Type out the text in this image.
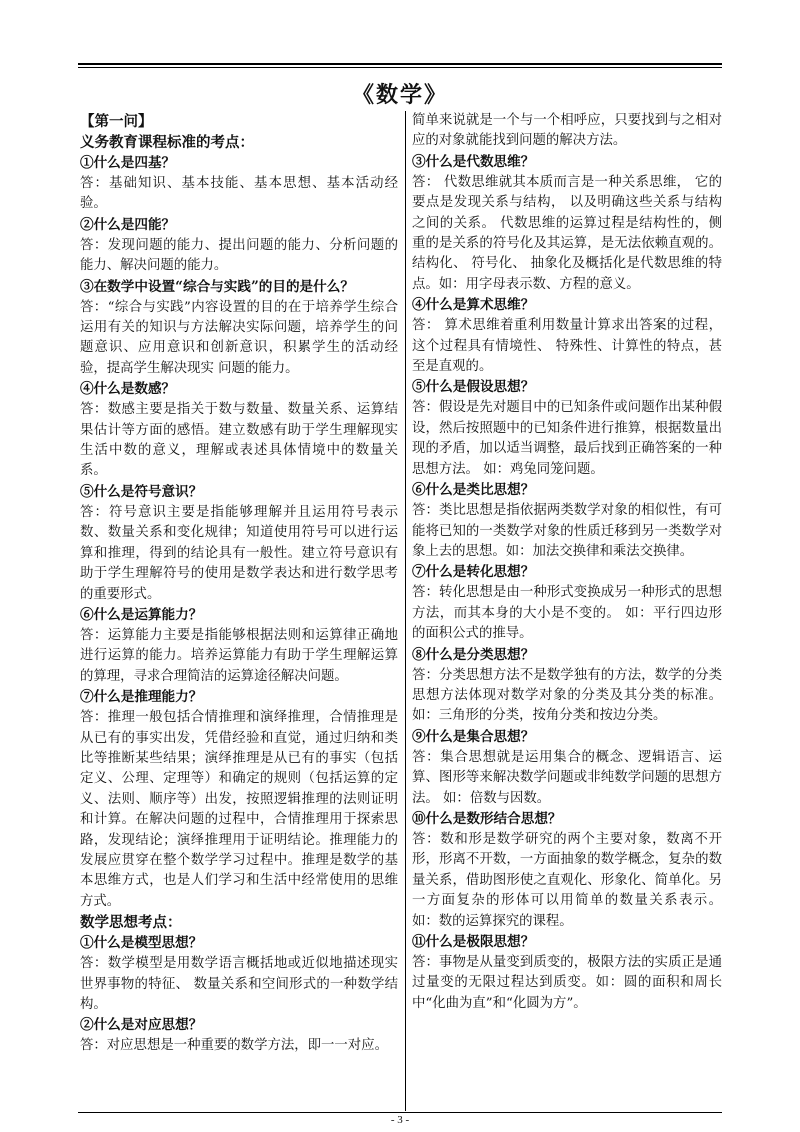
《数学》
【第一问】
义务教育课程标准的考点：
①什么是四基？
答：基础知识、基本技能、基本思想、基本活动经验。
②什么是四能？
答：发现问题的能力、提出问题的能力、分析问题的能力、解决问题的能力。
③在数学中设置“综合与实践”的目的是什么？
答：“综合与实践”内容设置的目的在于培养学生综合运用有关的知识与方法解决实际问题，培养学生的问题意识、应用意识和创新意识，积累学生的活动经验，提高学生解决现实 问题的能力。
④什么是数感？
答：数感主要是指关于数与数量、数量关系、运算结果估计等方面的感悟。建立数感有助于学生理解现实生活中数的意义，理解或表述具体情境中的数量关系。
⑤什么是符号意识？
答：符号意识主要是指能够理解并且运用符号表示数、数量关系和变化规律；知道使用符号可以进行运算和推理，得到的结论具有一般性。建立符号意识有助于学生理解符号的使用是数学表达和进行数学思考的重要形式。
⑥什么是运算能力？
答：运算能力主要是指能够根据法则和运算律正确地进行运算的能力。培养运算能力有助于学生理解运算的算理，寻求合理简洁的运算途径解决问题。
⑦什么是推理能力？
答：推理一般包括合情推理和演绎推理，合情推理是从已有的事实出发，凭借经验和直觉，通过归纳和类比等推断某些结果；演绎推理是从已有的事实（包括定义、公理、定理等）和确定的规则（包括运算的定义、法则、顺序等）出发，按照逻辑推理的法则证明和计算。在解决问题的过程中，合情推理用于探索思路，发现结论；演绎推理用于证明结论。推理能力的发展应贯穿在整个数学学习过程中。推理是数学的基本思维方式，也是人们学习和生活中经常使用的思维方式。
数学思想考点：
①什么是模型思想？
答：数学模型是用数学语言概括地或近似地描述现实世界事物的特征、 数量关系和空间形式的一种数学结构。
②什么是对应思想？
答：对应思想是一种重要的数学方法，即一一对应。
简单来说就是一个与一个相呼应，只要找到与之相对应的对象就能找到问题的解决方法。
③什么是代数思维？
答： 代数思维就其本质而言是一种关系思维， 它的要点是发现关系与结构， 以及明确这些关系与结构之间的关系。 代数思维的运算过程是结构性的，侧重的是关系的符号化及其运算，是无法依赖直观的。 结构化、 符号化、 抽象化及概括化是代数思维的特点。如：用字母表示数、方程的意义。
④什么是算术思维？
答： 算术思维着重利用数量计算求出答案的过程，这个过程具有情境性、 特殊性、计算性的特点，甚至是直观的。
⑤什么是假设思想？
答：假设是先对题目中的已知条件或问题作出某种假设，然后按照题中的已知条件进行推算，根据数量出现的矛盾，加以适当调整，最后找到正确答案的一种思想方法。 如：鸡兔同笼问题。
⑥什么是类比思想？
答：类比思想是指依据两类数学对象的相似性，有可能将已知的一类数学对象的性质迁移到另一类数学对象上去的思想。如：加法交换律和乘法交换律。
⑦什么是转化思想？
答：转化思想是由一种形式变换成另一种形式的思想方法，而其本身的大小是不变的。 如：平行四边形的面积公式的推导。
⑧什么是分类思想？
答：分类思想方法不是数学独有的方法，数学的分类思想方法体现对数学对象的分类及其分类的标准。 如：三角形的分类，按角分类和按边分类。
⑨什么是集合思想？
答：集合思想就是运用集合的概念、逻辑语言、运算、图形等来解决数学问题或非纯数学问题的思想方法。 如：倍数与因数。
⑩什么是数形结合思想？
答：数和形是数学研究的两个主要对象，数离不开形，形离不开数，一方面抽象的数学概念，复杂的数量关系，借助图形使之直观化、形象化、简单化。另一方面复杂的形体可以用简单的数量关系表示。 如：数的运算探究的课程。
⑪什么是极限思想？
答：事物是从量变到质变的，极限方法的实质正是通过量变的无限过程达到质变。如：圆的面积和周长中“化曲为直”和“化圆为方”。
- 3 -
